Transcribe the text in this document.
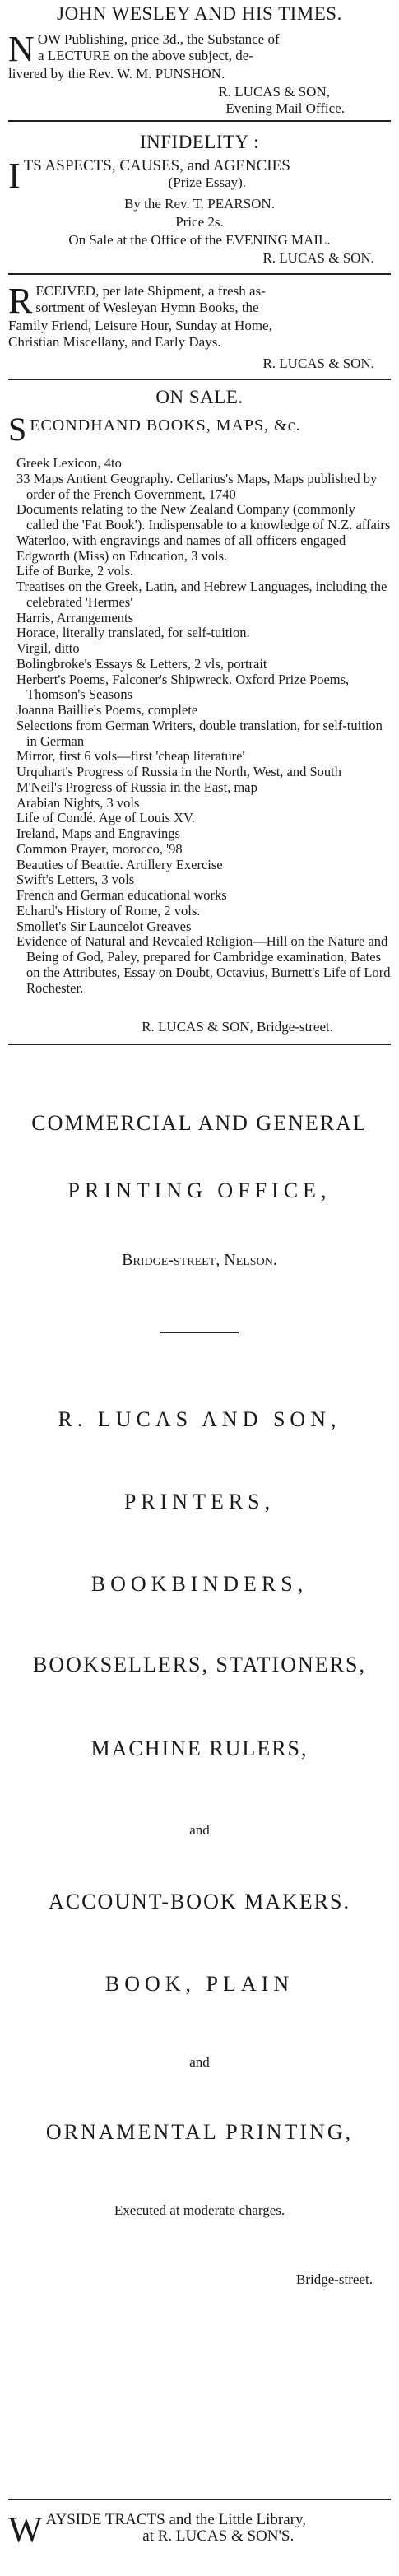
JOHN WESLEY AND HIS TIMES.
N OW Publishing, price 3d., the Substance of
a LECTURE on the above subject, de-
livered by the Rev. W. M. PUNSHON.
R. LUCAS & SON,
Evening Mail Office.
INFIDELITY :
I TS ASPECTS, CAUSES, and AGENCIES
(Prize Essay).
By the Rev. T. PEARSON.
Price 2s.
On Sale at the Office of the EVENING MAIL.
R. LUCAS & SON.
R ECEIVED, per late Shipment, a fresh as-
sortment of Wesleyan Hymn Books, the
Family Friend, Leisure Hour, Sunday at Home,
Christian Miscellany, and Early Days.
R. LUCAS & SON.
ON SALE.
S ECONDHAND BOOKS, MAPS, &c.
Greek Lexicon, 4to
33 Maps Antient Geography. Cellarius's Maps, Maps published by order of the French Government, 1740
Documents relating to the New Zealand Company (commonly called the 'Fat Book'). Indispensable to a knowledge of N.Z. affairs
Waterloo, with engravings and names of all officers engaged
Edgworth (Miss) on Education, 3 vols.
Life of Burke, 2 vols.
Treatises on the Greek, Latin, and Hebrew Languages, including the celebrated 'Hermes'
Harris, Arrangements
Horace, literally translated, for self-tuition.
Virgil, ditto
Bolingbroke's Essays & Letters, 2 vls, portrait
Herbert's Poems, Falconer's Shipwreck. Oxford Prize Poems, Thomson's Seasons
Joanna Baillie's Poems, complete
Selections from German Writers, double translation, for self-tuition in German
Mirror, first 6 vols—first 'cheap literature'
Urquhart's Progress of Russia in the North, West, and South
M'Neil's Progress of Russia in the East, map
Arabian Nights, 3 vols
Life of Condé. Age of Louis XV.
Ireland, Maps and Engravings
Common Prayer, morocco, '98
Beauties of Beattie. Artillery Exercise
Swift's Letters, 3 vols
French and German educational works
Echard's History of Rome, 2 vols.
Smollet's Sir Launcelot Greaves
Evidence of Natural and Revealed Religion—Hill on the Nature and Being of God, Paley, prepared for Cambridge examination, Bates on the Attributes, Essay on Doubt, Octavius, Burnett's Life of Lord Rochester.
R. LUCAS & SON, Bridge-street.
COMMERCIAL AND GENERAL
PRINTING OFFICE,
Bridge-street, Nelson.
R. LUCAS AND SON,
PRINTERS,
BOOKBINDERS,
BOOKSELLERS, STATIONERS,
MACHINE RULERS,
and
ACCOUNT-BOOK MAKERS.
BOOK, PLAIN
and
ORNAMENTAL PRINTING,
Executed at moderate charges.
Bridge-street.
W AYSIDE TRACTS and the Little Library,
at R. LUCAS & SON'S.
